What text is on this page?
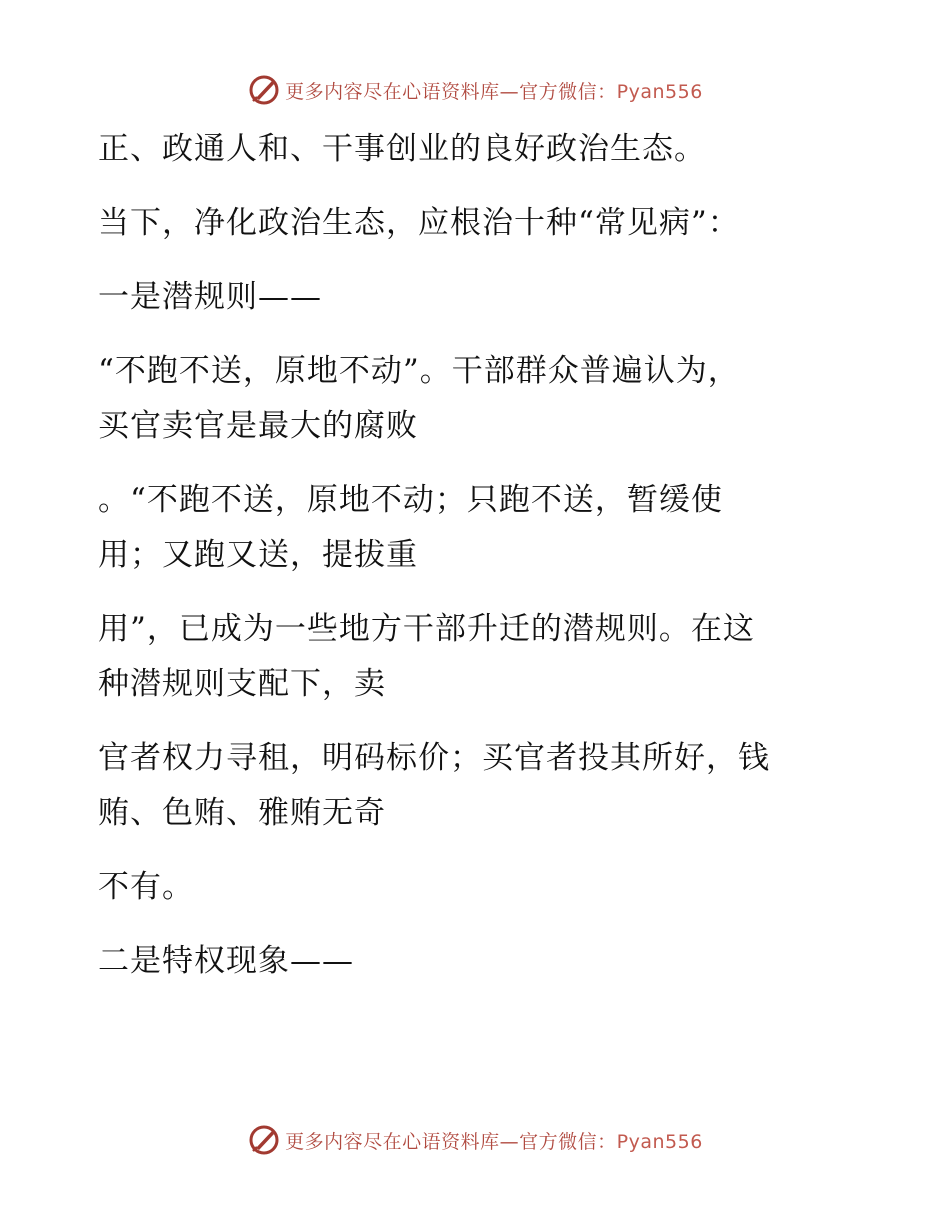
更多内容尽在心语资料库—官方微信：Pyan556

正、政通人和、干事创业的良好政治生态。

当下，净化政治生态，应根治十种“常见病”：

一是潜规则——

“不跑不送，原地不动”。干部群众普遍认为，
买官卖官是最大的腐败

。“不跑不送，原地不动；只跑不送，暂缓使
用；又跑又送，提拔重

用”，已成为一些地方干部升迁的潜规则。在这
种潜规则支配下，卖

官者权力寻租，明码标价；买官者投其所好，钱
贿、色贿、雅贿无奇

不有。

二是特权现象——

更多内容尽在心语资料库—官方微信：Pyan556
